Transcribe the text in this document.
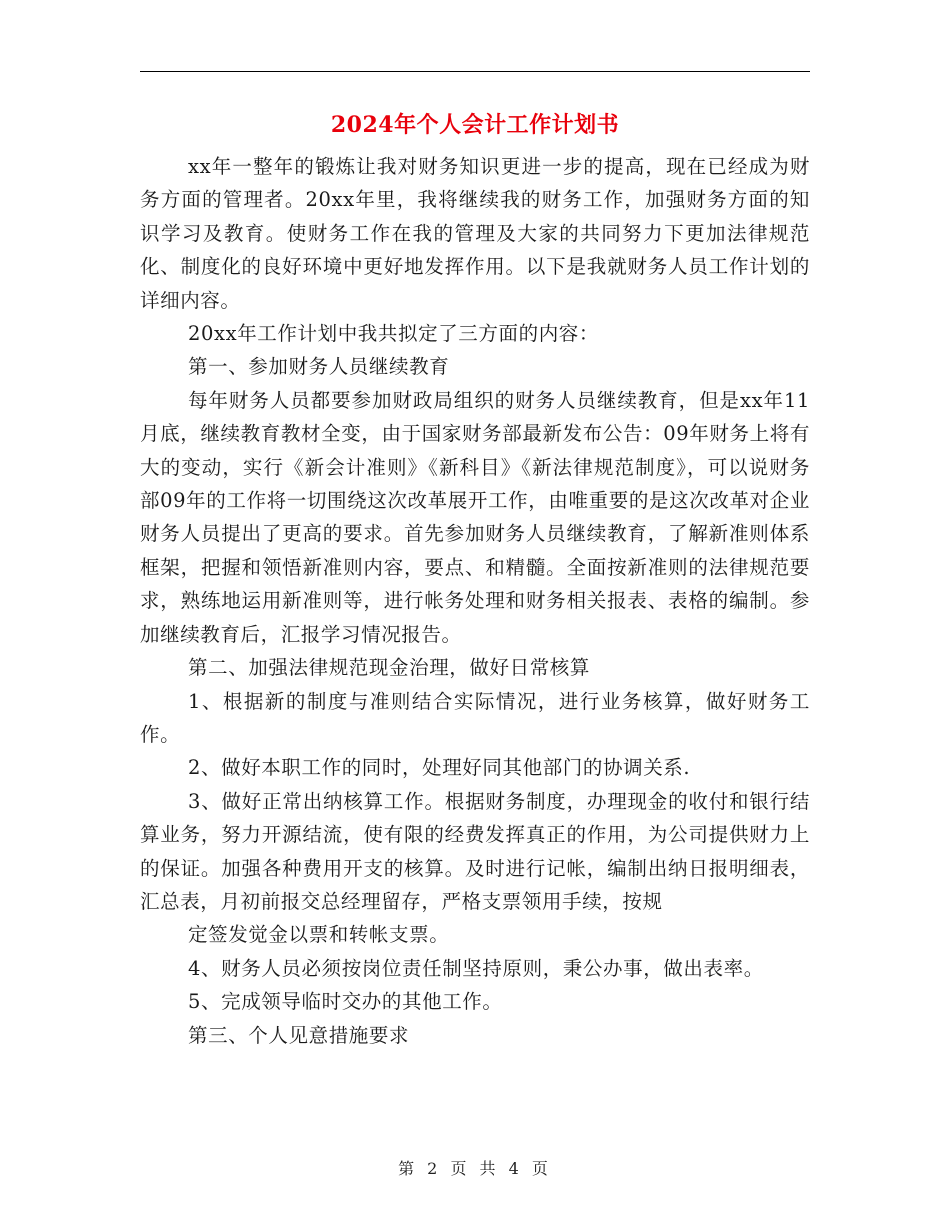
2024年个人会计工作计划书

xx年一整年的锻炼让我对财务知识更进一步的提高，现在已经成为财务方面的管理者。20xx年里，我将继续我的财务工作，加强财务方面的知识学习及教育。使财务工作在我的管理及大家的共同努力下更加法律规范化、制度化的良好环境中更好地发挥作用。以下是我就财务人员工作计划的详细内容。

20xx年工作计划中我共拟定了三方面的内容：

第一、参加财务人员继续教育

每年财务人员都要参加财政局组织的财务人员继续教育，但是xx年11月底，继续教育教材全变，由于国家财务部最新发布公告：09年财务上将有大的变动，实行《新会计准则》《新科目》《新法律规范制度》，可以说财务部09年的工作将一切围绕这次改革展开工作，由唯重要的是这次改革对企业财务人员提出了更高的要求。首先参加财务人员继续教育，了解新准则体系框架，把握和领悟新准则内容，要点、和精髓。全面按新准则的法律规范要求，熟练地运用新准则等，进行帐务处理和财务相关报表、表格的编制。参加继续教育后，汇报学习情况报告。

第二、加强法律规范现金治理，做好日常核算

1、根据新的制度与准则结合实际情况，进行业务核算，做好财务工作。

2、做好本职工作的同时，处理好同其他部门的协调关系.

3、做好正常出纳核算工作。根据财务制度，办理现金的收付和银行结算业务，努力开源结流，使有限的经费发挥真正的作用，为公司提供财力上的保证。加强各种费用开支的核算。及时进行记帐，编制出纳日报明细表，汇总表，月初前报交总经理留存，严格支票领用手续，按规

定签发觉金以票和转帐支票。

4、财务人员必须按岗位责任制坚持原则，秉公办事，做出表率。

5、完成领导临时交办的其他工作。

第三、个人见意措施要求

第 2 页 共 4 页
